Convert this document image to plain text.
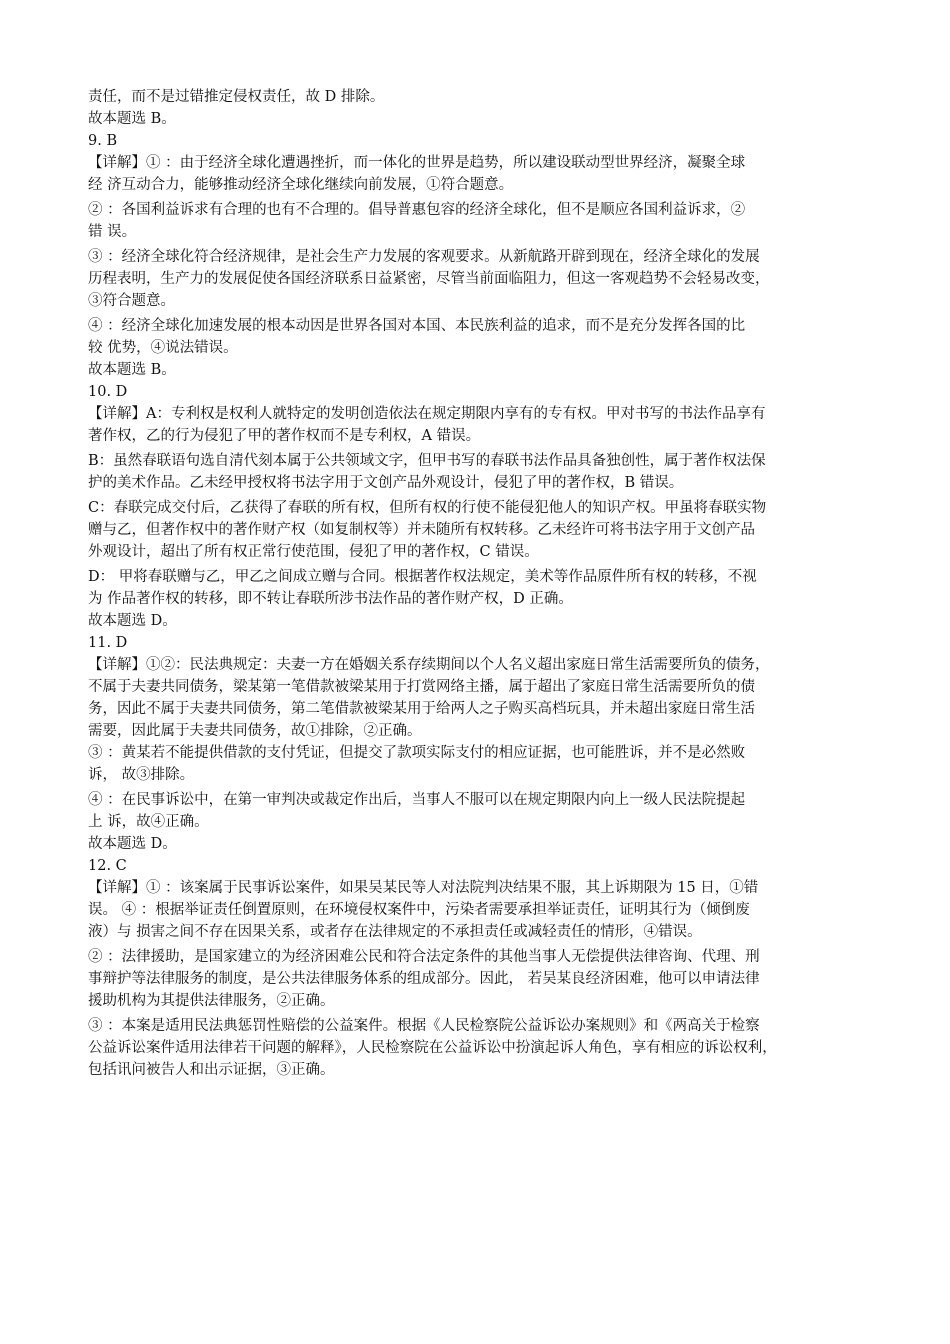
责任，而不是过错推定侵权责任，故 D 排除。
故本题选 B。
9. B
【详解】① ：由于经济全球化遭遇挫折，而一体化的世界是趋势，所以建设联动型世界经济，凝聚全球
经 济互动合力，能够推动经济全球化继续向前发展，①符合题意。
② ：各国利益诉求有合理的也有不合理的。倡导普惠包容的经济全球化，但不是顺应各国利益诉求，②
错 误。
③ ：经济全球化符合经济规律，是社会生产力发展的客观要求。从新航路开辟到现在，经济全球化的发展
历程表明，生产力的发展促使各国经济联系日益紧密，尽管当前面临阻力，但这一客观趋势不会轻易改变，
③符合题意。
④ ：经济全球化加速发展的根本动因是世界各国对本国、本民族利益的追求，而不是充分发挥各国的比
较 优势，④说法错误。
故本题选 B。
10. D
【详解】A：专利权是权利人就特定的发明创造依法在规定期限内享有的专有权。甲对书写的书法作品享有
著作权，乙的行为侵犯了甲的著作权而不是专利权，A 错误。
B：虽然春联语句选自清代刻本属于公共领域文字，但甲书写的春联书法作品具备独创性，属于著作权法保
护的美术作品。乙未经甲授权将书法字用于文创产品外观设计，侵犯了甲的著作权，B 错误。
C：春联完成交付后，乙获得了春联的所有权，但所有权的行使不能侵犯他人的知识产权。甲虽将春联实物
赠与乙，但著作权中的著作财产权（如复制权等）并未随所有权转移。乙未经许可将书法字用于文创产品
外观设计，超出了所有权正常行使范围，侵犯了甲的著作权，C 错误。
D： 甲将春联赠与乙，甲乙之间成立赠与合同。根据著作权法规定，美术等作品原件所有权的转移，不视
为 作品著作权的转移，即不转让春联所涉书法作品的著作财产权，D 正确。
故本题选 D。
11. D
【详解】①②：民法典规定：夫妻一方在婚姻关系存续期间以个人名义超出家庭日常生活需要所负的债务，
不属于夫妻共同债务，梁某第一笔借款被梁某用于打赏网络主播，属于超出了家庭日常生活需要所负的债
务，因此不属于夫妻共同债务，第二笔借款被梁某用于给两人之子购买高档玩具，并未超出家庭日常生活
需要，因此属于夫妻共同债务，故①排除，②正确。
③ ：黄某若不能提供借款的支付凭证，但提交了款项实际支付的相应证据，也可能胜诉，并不是必然败
诉， 故③排除。
④ ：在民事诉讼中，在第一审判决或裁定作出后，当事人不服可以在规定期限内向上一级人民法院提起
上 诉，故④正确。
故本题选 D。
12. C
【详解】① ：该案属于民事诉讼案件，如果吴某民等人对法院判决结果不服，其上诉期限为 15 日，①错
误。 ④ ：根据举证责任倒置原则，在环境侵权案件中，污染者需要承担举证责任，证明其行为（倾倒废
液）与 损害之间不存在因果关系，或者存在法律规定的不承担责任或减轻责任的情形，④错误。
② ：法律援助，是国家建立的为经济困难公民和符合法定条件的其他当事人无偿提供法律咨询、代理、刑
事辩护等法律服务的制度，是公共法律服务体系的组成部分。因此， 若吴某良经济困难，他可以申请法律
援助机构为其提供法律服务，②正确。
③ ：本案是适用民法典惩罚性赔偿的公益案件。根据《人民检察院公益诉讼办案规则》和《两高关于检察
公益诉讼案件适用法律若干问题的解释》，人民检察院在公益诉讼中扮演起诉人角色，享有相应的诉讼权利，
包括讯问被告人和出示证据，③正确。
